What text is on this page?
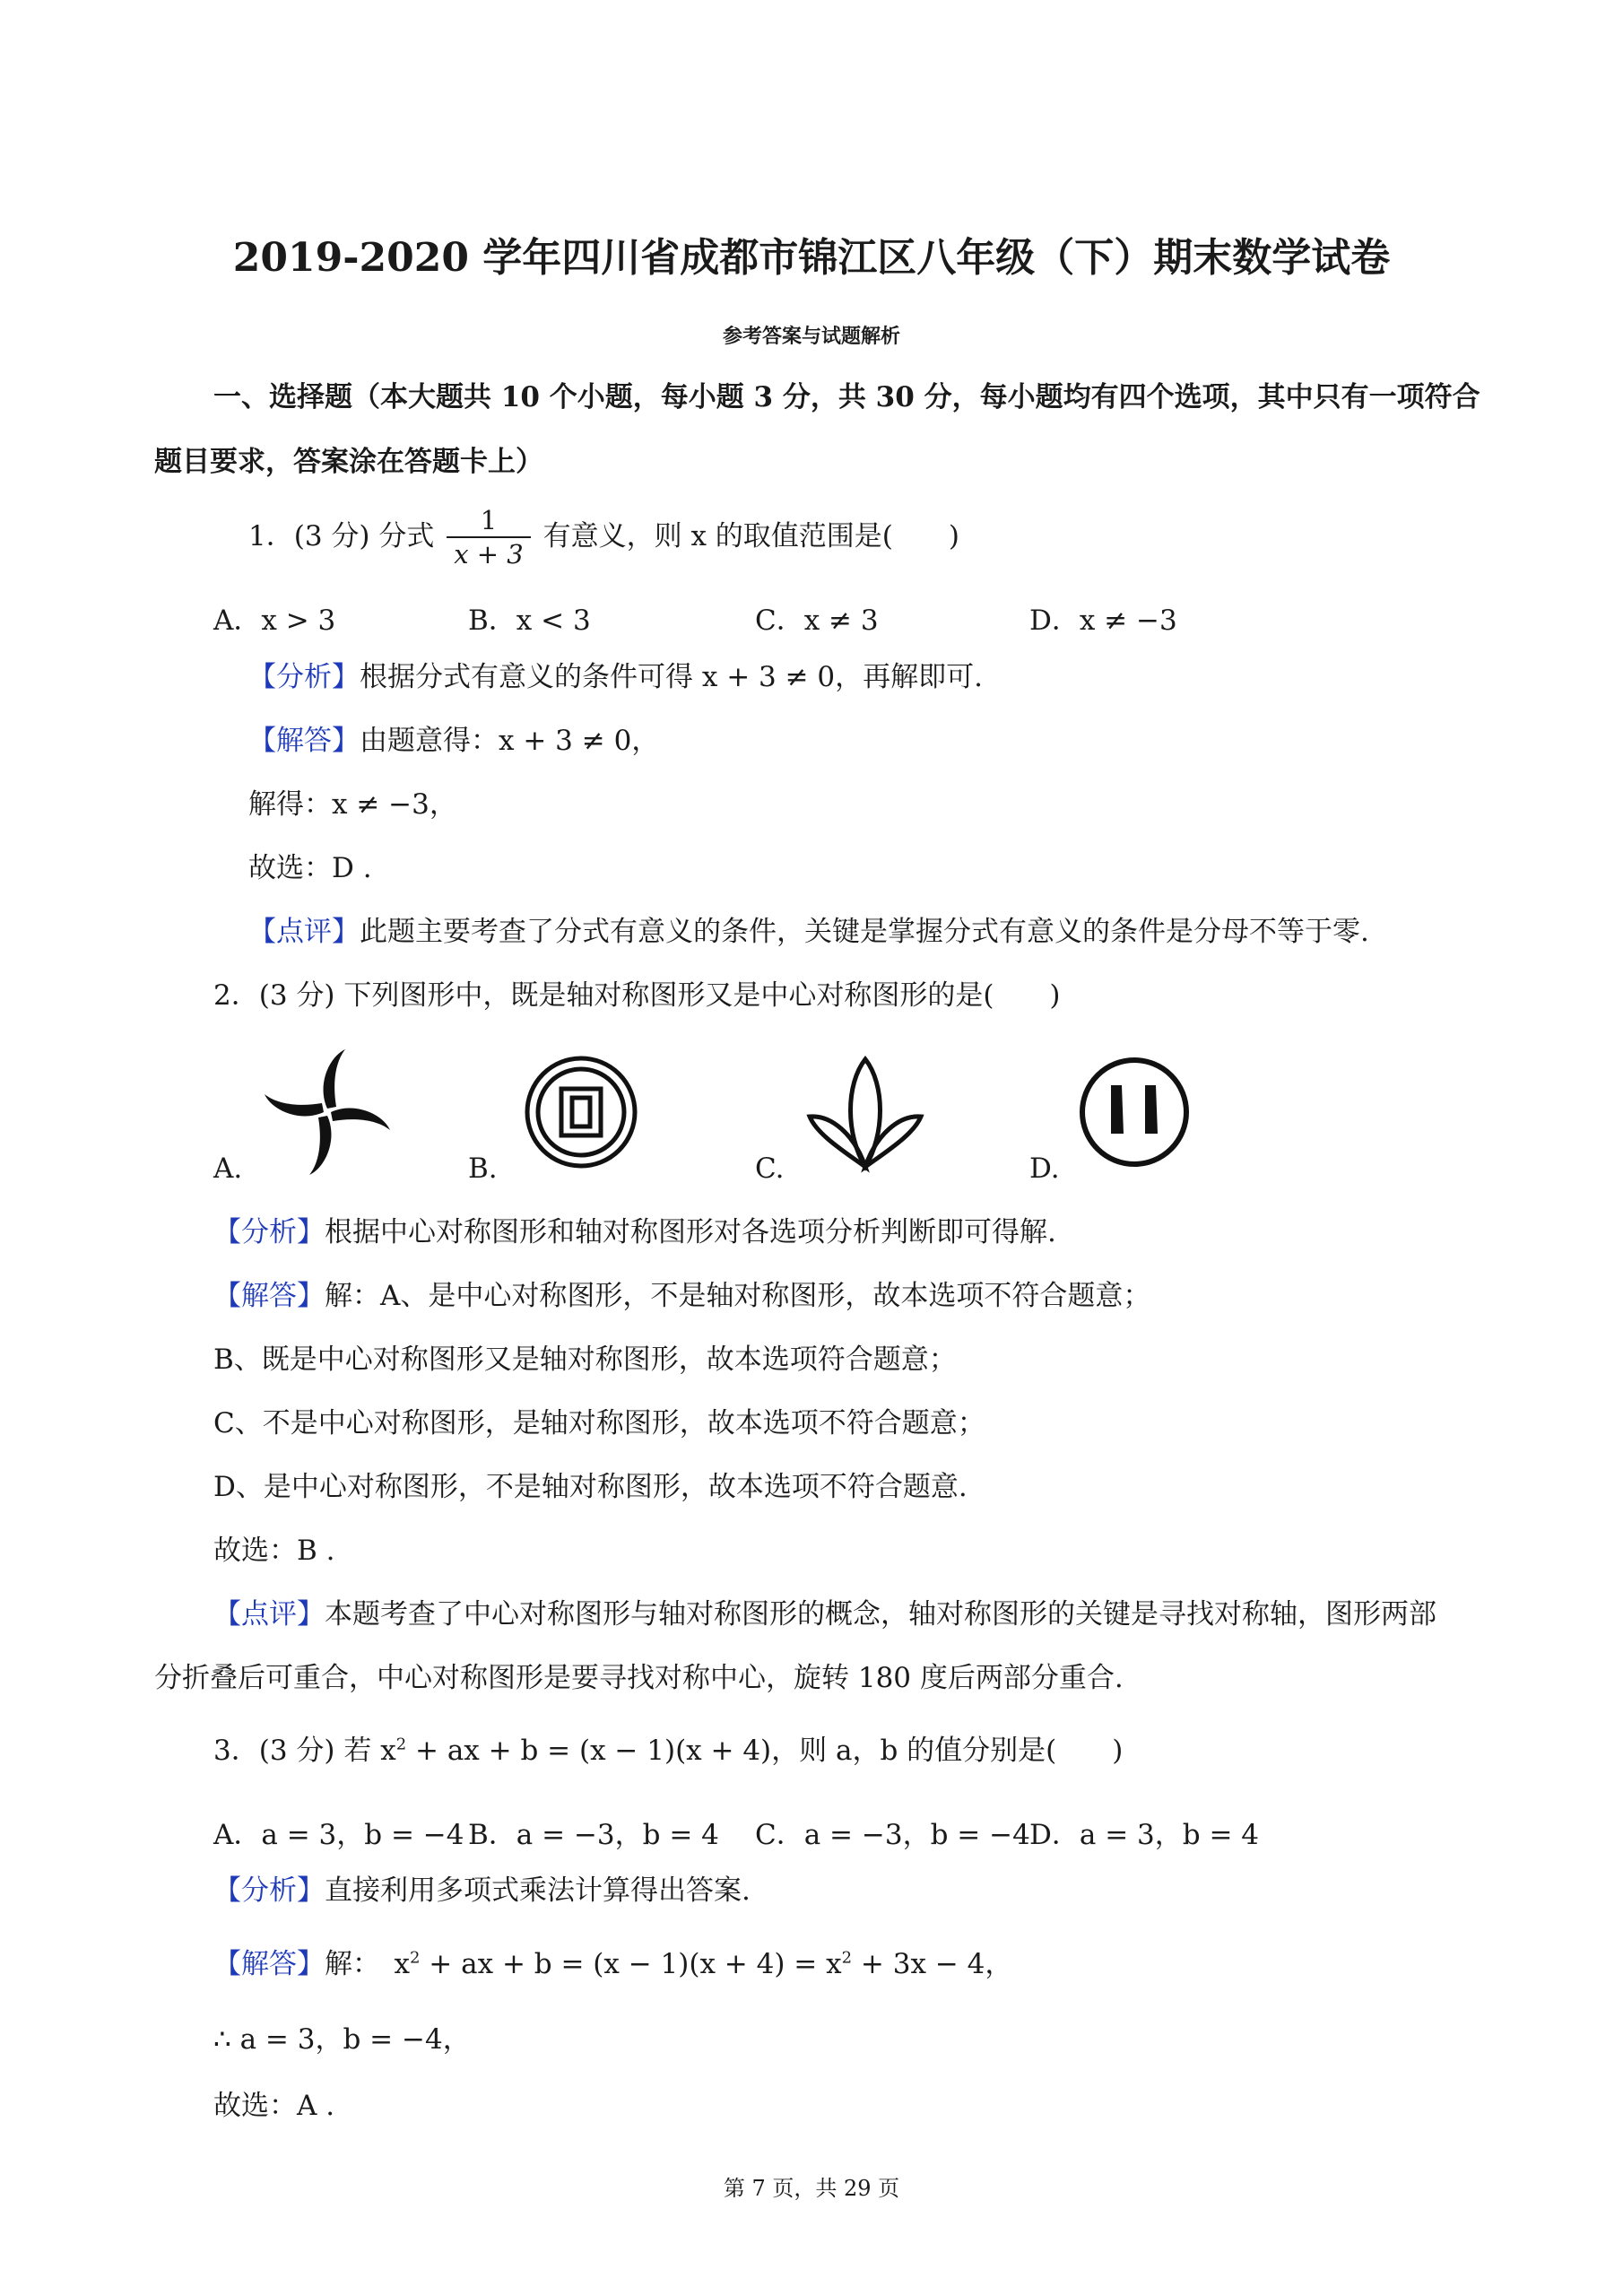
2019-2020 学年四川省成都市锦江区八年级（下）期末数学试卷
参考答案与试题解析
一、选择题（本大题共 10 个小题，每小题 3 分，共 30 分，每小题均有四个选项，其中只有一项符合
题目要求，答案涂在答题卡上）
1．(3 分) 分式 $\frac{1}{x + 3}$ 有意义，则 x 的取值范围是(　　)
A．x > 3	B．x < 3	C．x ≠ 3	D．x ≠ −3
【分析】根据分式有意义的条件可得 x + 3 ≠ 0，再解即可.
【解答】由题意得：x + 3 ≠ 0，
解得：x ≠ −3，
故选：D .
【点评】此题主要考查了分式有意义的条件，关键是掌握分式有意义的条件是分母不等于零.
2．(3 分) 下列图形中，既是轴对称图形又是中心对称图形的是(　　)
A.	B.	C.	D.
【分析】根据中心对称图形和轴对称图形对各选项分析判断即可得解.
【解答】解：A、是中心对称图形，不是轴对称图形，故本选项不符合题意；
B、既是中心对称图形又是轴对称图形，故本选项符合题意；
C、不是中心对称图形，是轴对称图形，故本选项不符合题意；
D、是中心对称图形，不是轴对称图形，故本选项不符合题意.
故选：B .
【点评】本题考查了中心对称图形与轴对称图形的概念，轴对称图形的关键是寻找对称轴，图形两部
分折叠后可重合，中心对称图形是要寻找对称中心，旋转 180 度后两部分重合.
3．(3 分) 若 $x^2$ + ax + b = (x − 1)(x + 4)，则 a，b 的值分别是(　　)
A．a = 3，b = −4 B．a = −3，b = 4 C．a = −3，b = −4 D．a = 3，b = 4
【分析】直接利用多项式乘法计算得出答案.
【解答】解：　$x^2$ + ax + $b = (x - 1)(x + 4) = x^2 + 3x - 4$，
∴ a = 3，b = −4，
故选：A .
第 7 页，共 29 页
